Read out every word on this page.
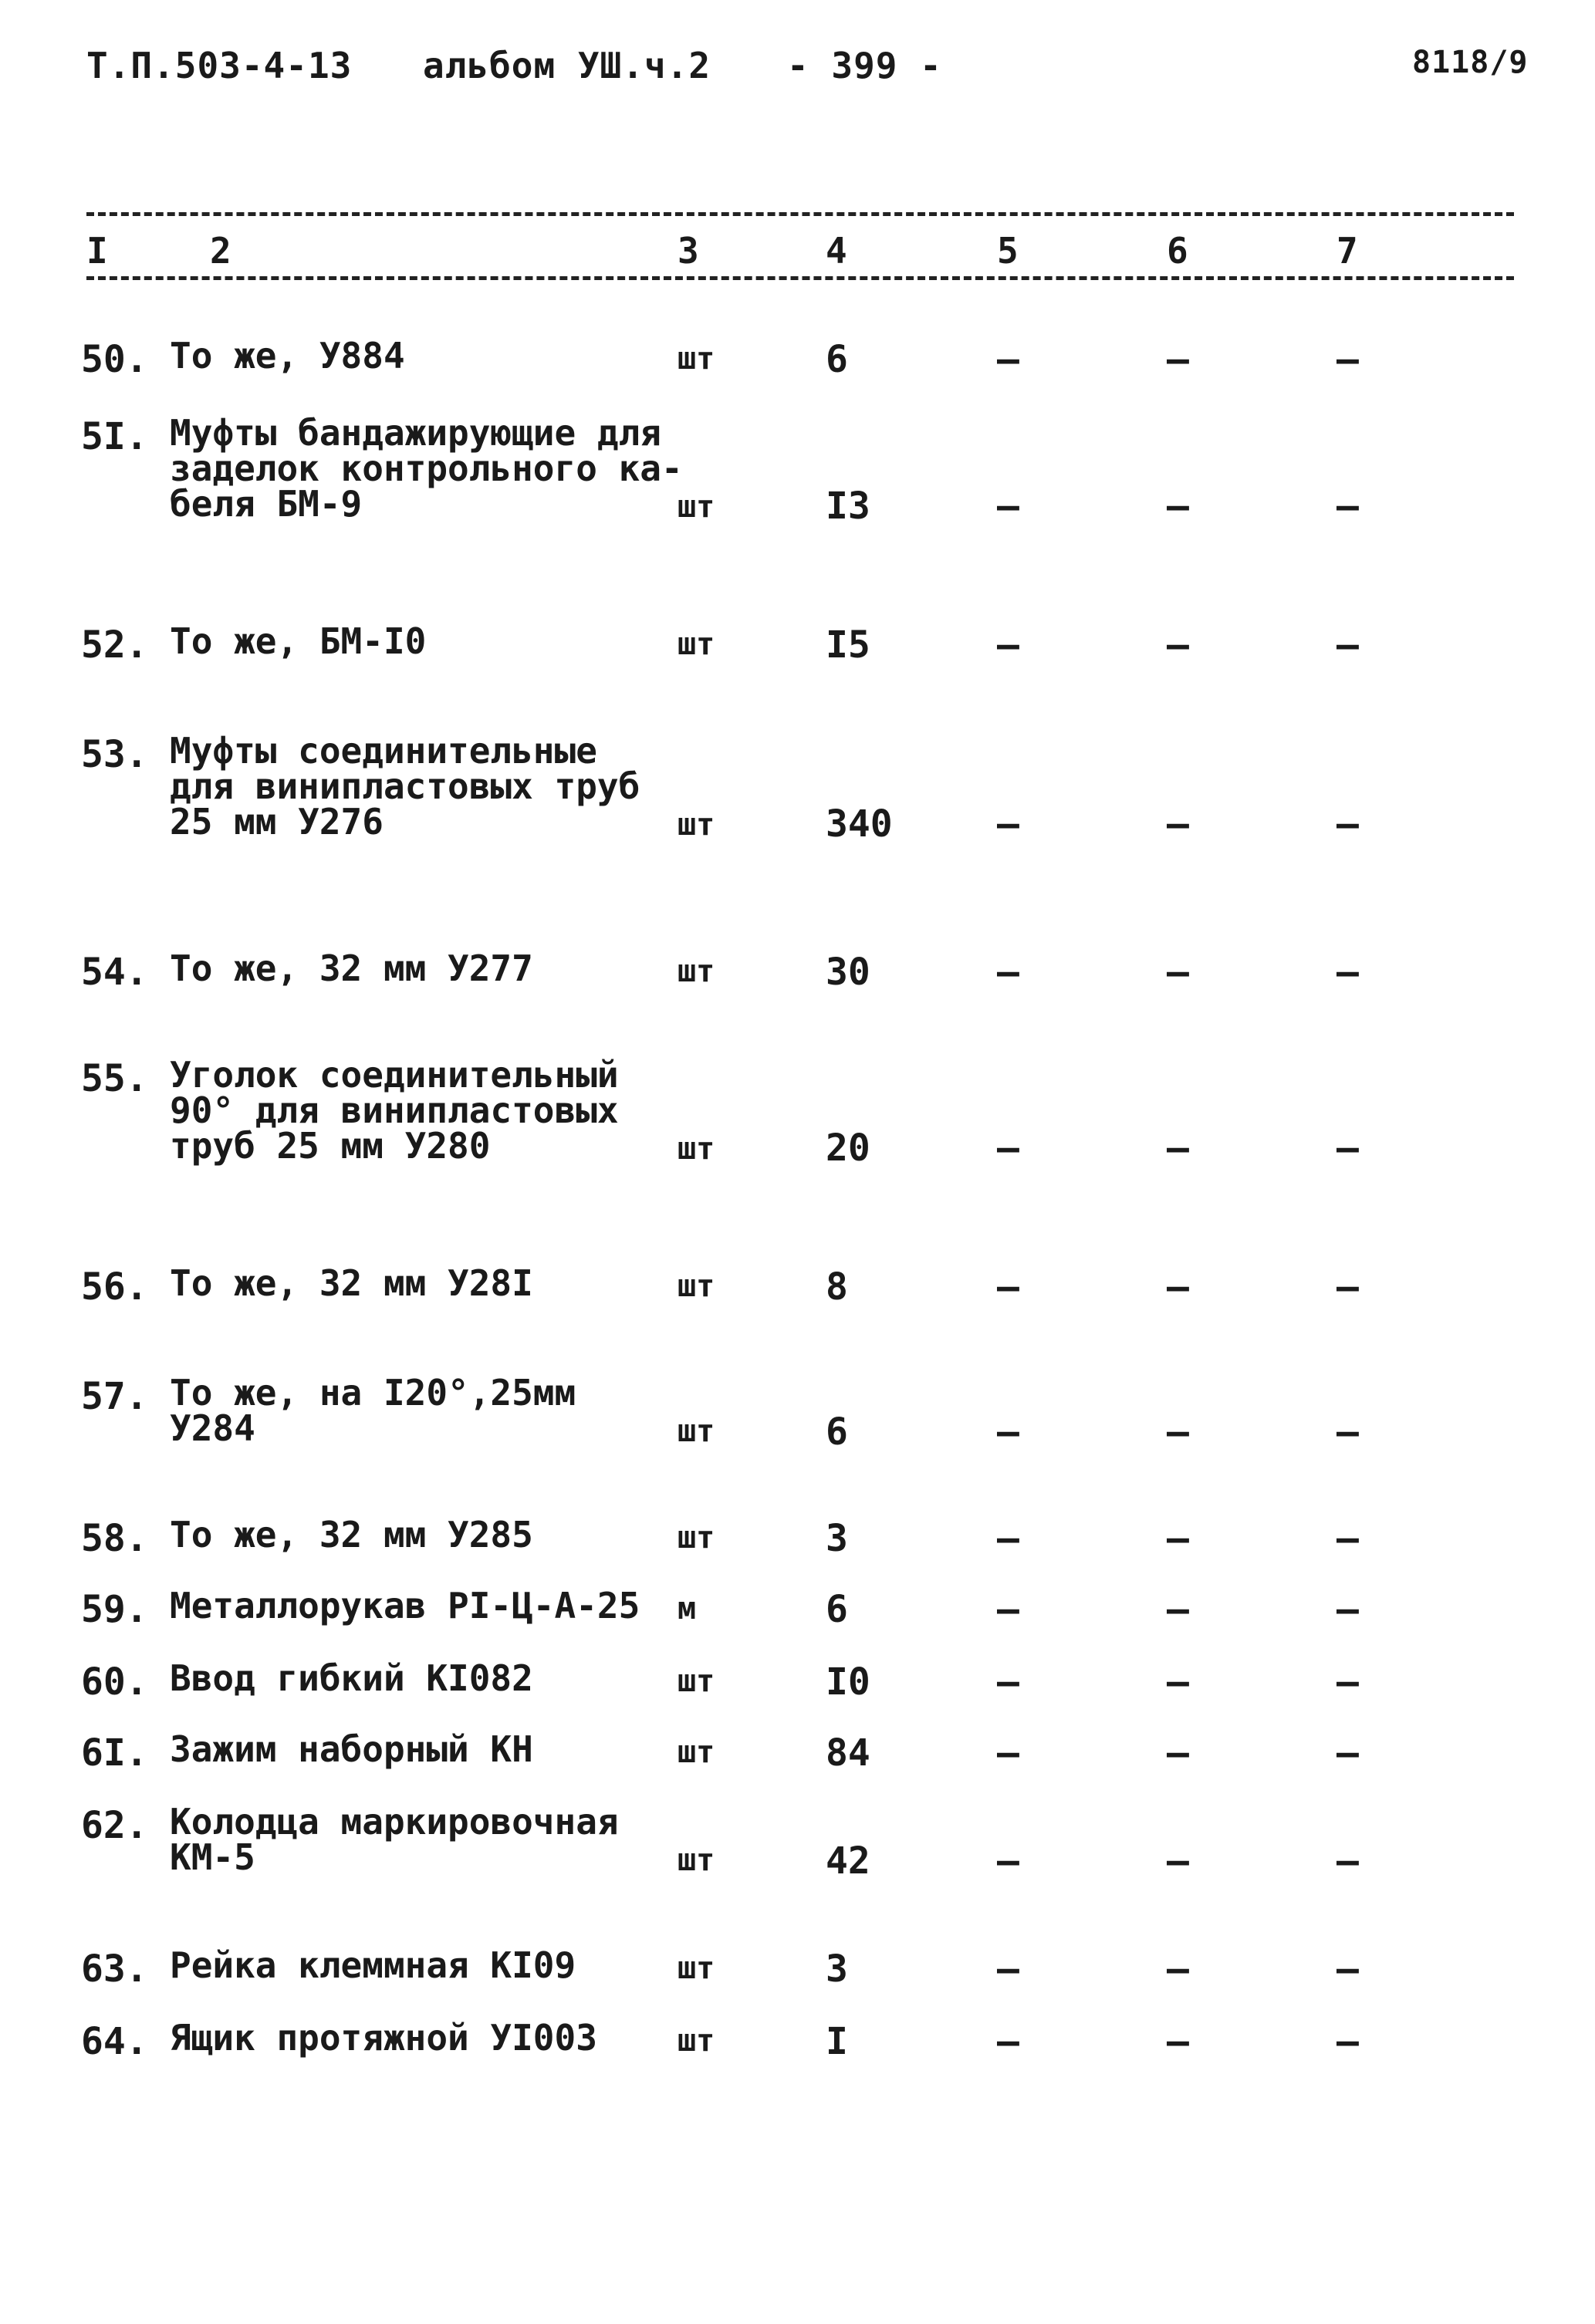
Т.П.503-4-13 альбом УШ.ч.2 - 399 -	8118/9
I	2	3	4	5	6	7
50. То же, У884	шт	6	–	–	–
5I. Муфты бандажирующие для
заделок контрольного ка-
беля БМ-9	шт	I3	–	–	–
52. То же, БМ-I0	шт	I5	–	–	–
53. Муфты соединительные
для винипластовых труб
25 мм У276	шт	340	–	–	–
54. То же, 32 мм У277	шт	30	–	–	–
55. Уголок соединительный
90° для винипластовых
труб 25 мм У280	шт	20	–	–	–
56. То же, 32 мм У28I	шт	8	–	–	–
57. То же, на I20°,25мм
У284	шт	6	–	–	–
58. То же, 32 мм У285	шт	3	–	–	–
59. Металлорукав РI-Ц-А-25	м	6	–	–	–
60. Ввод гибкий КI082	шт	I0	–	–	–
6I. Зажим наборный КН	шт	84	–	–	–
62. Колодца маркировочная
КМ-5	шт	42	–	–	–
63. Рейка клеммная КI09	шт	3	–	–	–
64. Ящик протяжной УI003	шт	I	–	–	–
